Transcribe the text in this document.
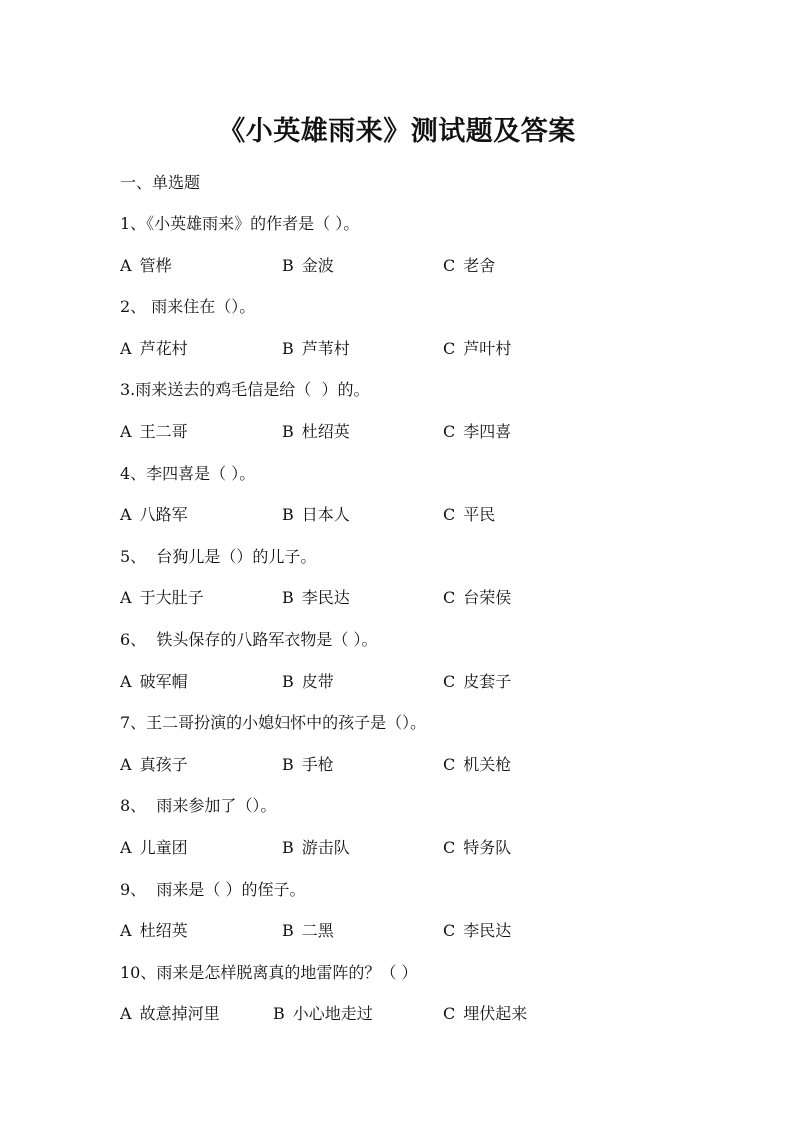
《小英雄雨来》测试题及答案
一、单选题
1、《小英雄雨来》的作者是（ ）。
A 管桦	B 金波	C 老舍
2、 雨来住在（）。
A 芦花村	B 芦苇村	C 芦叶村
3.雨来送去的鸡毛信是给（  ）的。
A 王二哥	B 杜绍英	C 李四喜
4、李四喜是（ ）。
A 八路军	B 日本人	C 平民
5、  台狗儿是（）的儿子。
A 于大肚子	B 李民达	C 台荣侯
6、  铁头保存的八路军衣物是（ ）。
A 破军帽	B 皮带	C 皮套子
7、王二哥扮演的小媳妇怀中的孩子是（）。
A 真孩子	B 手枪	C 机关枪
8、  雨来参加了（）。
A 儿童团	B 游击队	C 特务队
9、  雨来是（ ）的侄子。
A 杜绍英	B 二黑	C 李民达
10、雨来是怎样脱离真的地雷阵的？（ ）
A 故意掉河里	B 小心地走过	C 埋伏起来
